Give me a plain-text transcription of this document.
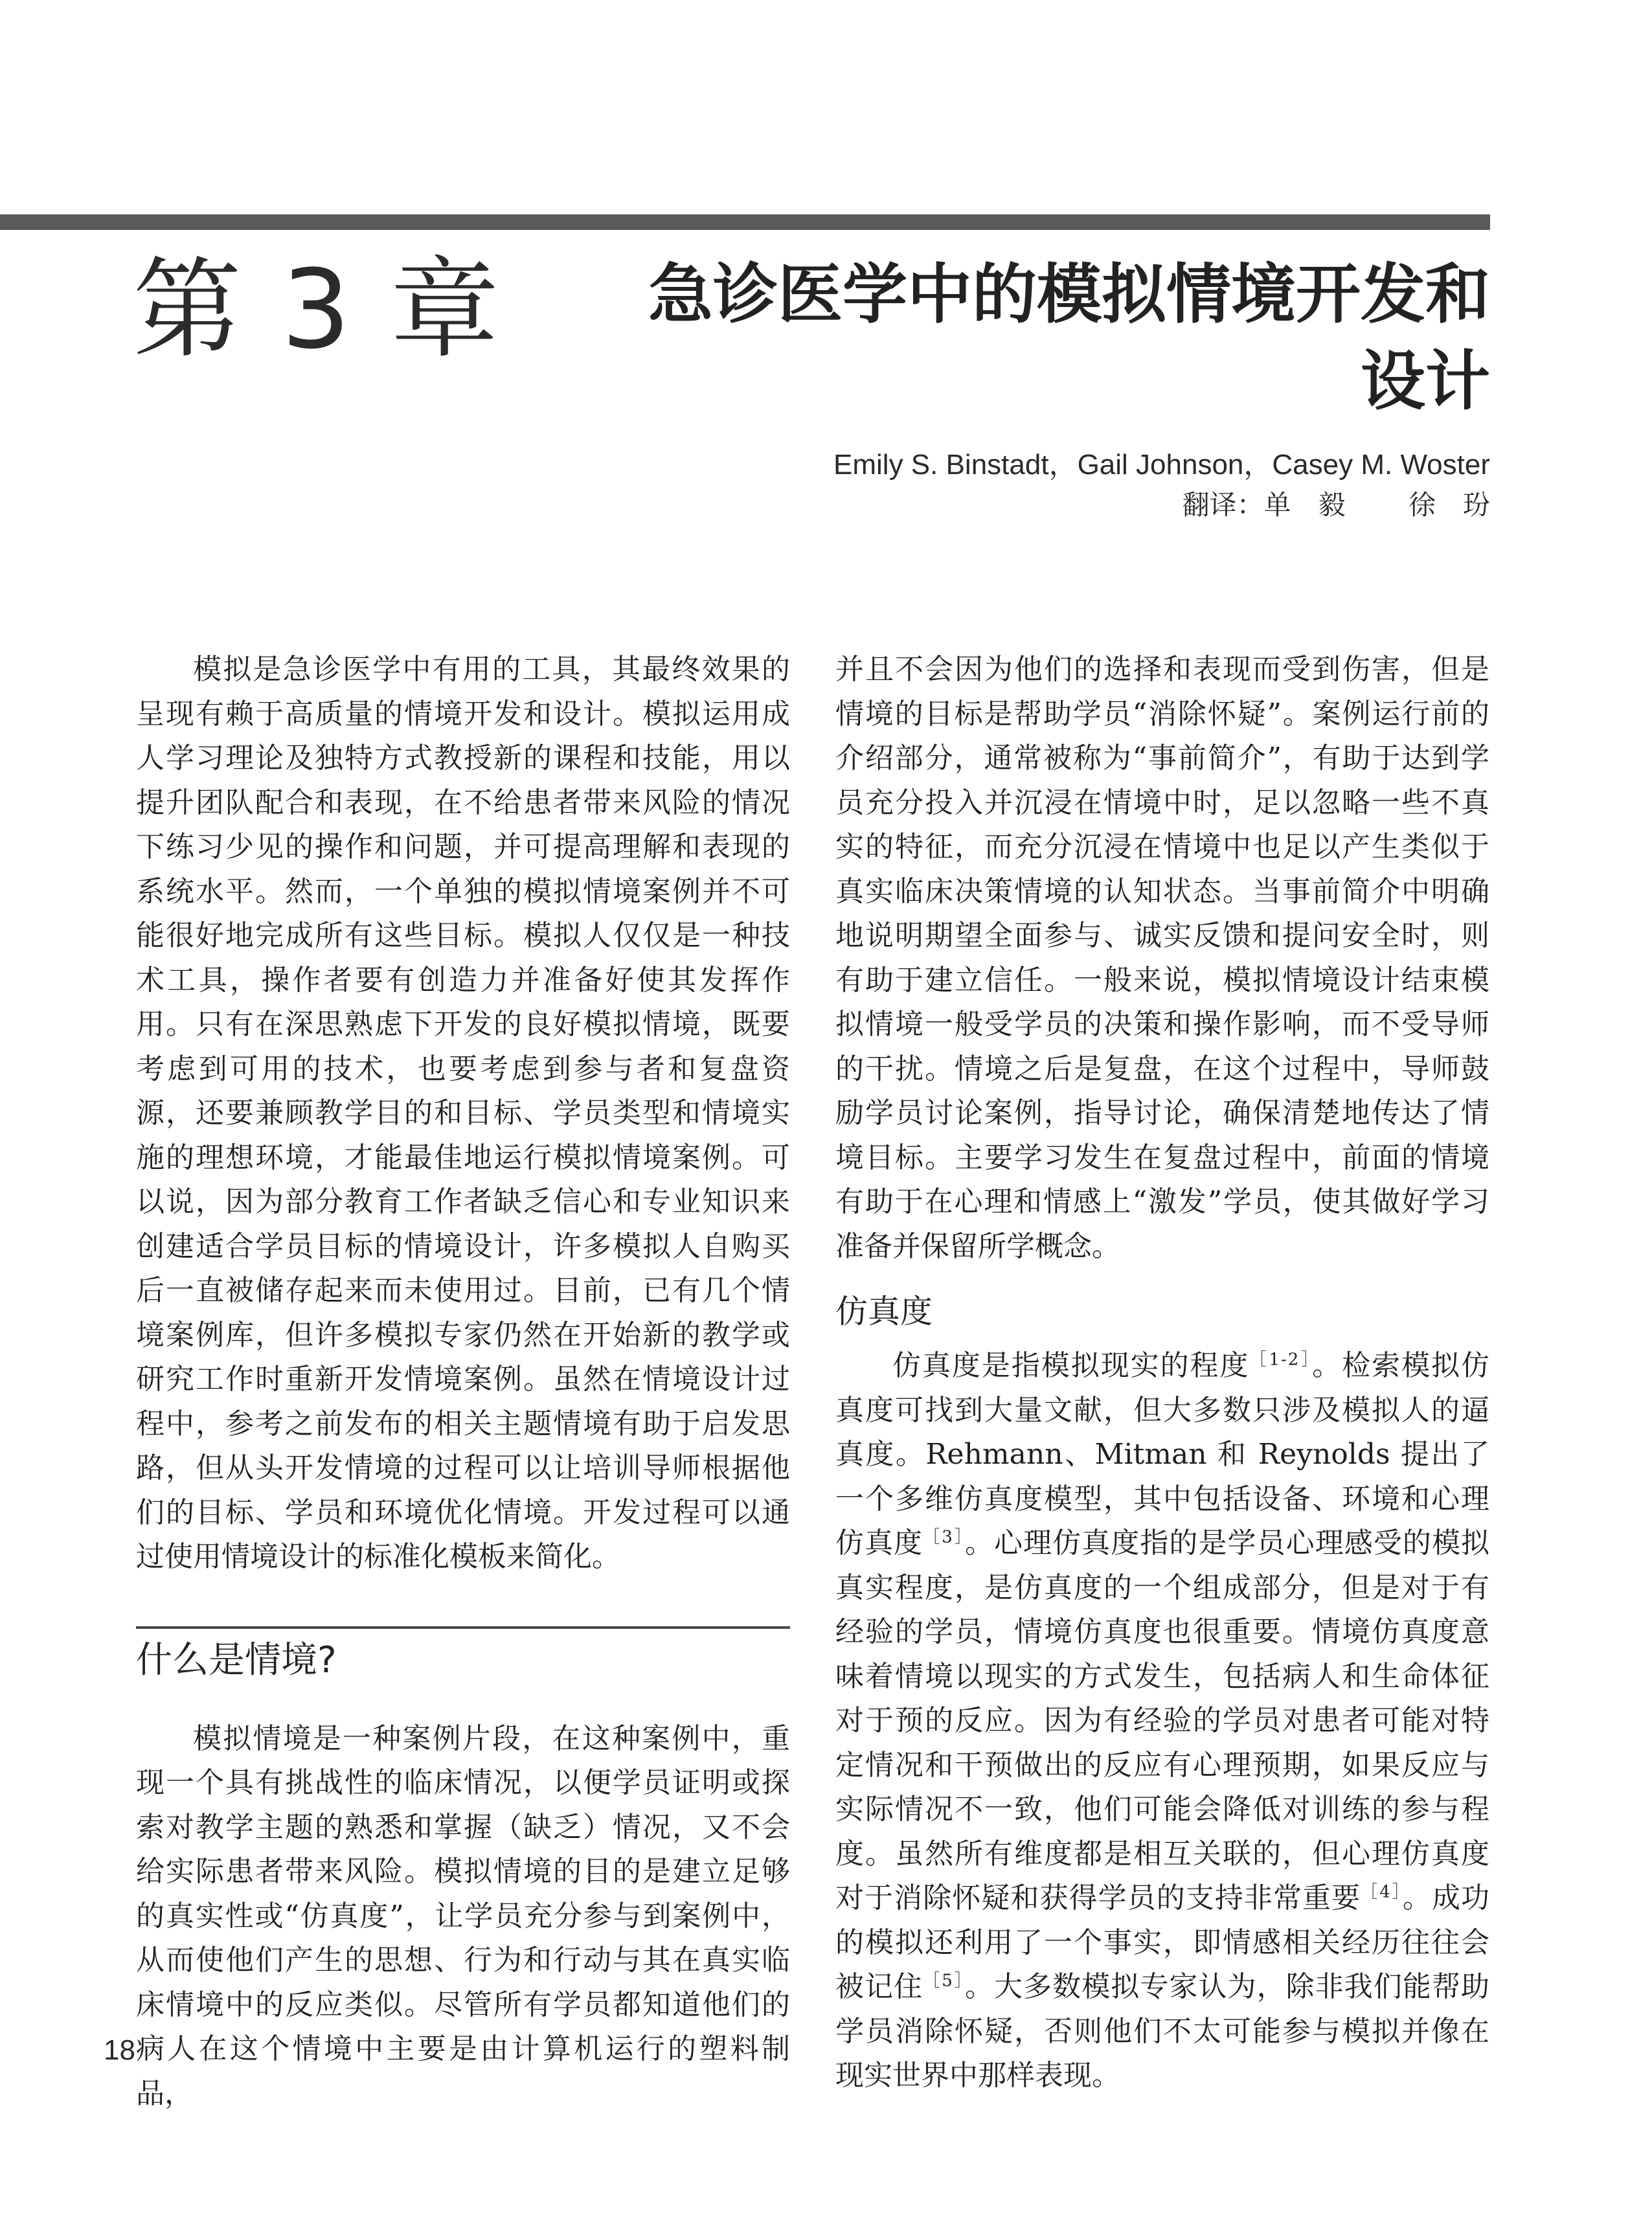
第 3 章	急诊医学中的模拟情境开发和
设计
Emily S. Binstadt，Gail Johnson，Casey M. Woster
翻译：单毅 徐玢

模拟是急诊医学中有用的工具，其最终效果的呈现有赖于高质量的情境开发和设计。模拟运用成人学习理论及独特方式教授新的课程和技能，用以提升团队配合和表现，在不给患者带来风险的情况下练习少见的操作和问题，并可提高理解和表现的系统水平。然而，一个单独的模拟情境案例并不可能很好地完成所有这些目标。模拟人仅仅是一种技术工具，操作者要有创造力并准备好使其发挥作用。只有在深思熟虑下开发的良好模拟情境，既要考虑到可用的技术，也要考虑到参与者和复盘资源，还要兼顾教学目的和目标、学员类型和情境实施的理想环境，才能最佳地运行模拟情境案例。可以说，因为部分教育工作者缺乏信心和专业知识来创建适合学员目标的情境设计，许多模拟人自购买后一直被储存起来而未使用过。目前，已有几个情境案例库，但许多模拟专家仍然在开始新的教学或研究工作时重新开发情境案例。虽然在情境设计过程中，参考之前发布的相关主题情境有助于启发思路，但从头开发情境的过程可以让培训导师根据他们的目标、学员和环境优化情境。开发过程可以通过使用情境设计的标准化模板来简化。

什么是情境?

模拟情境是一种案例片段，在这种案例中，重现一个具有挑战性的临床情况，以便学员证明或探索对教学主题的熟悉和掌握（缺乏）情况，又不会给实际患者带来风险。模拟情境的目的是建立足够的真实性或“仿真度”，让学员充分参与到案例中，从而使他们产生的思想、行为和行动与其在真实临床情境中的反应类似。尽管所有学员都知道他们的病人在这个情境中主要是由计算机运行的塑料制品，

并且不会因为他们的选择和表现而受到伤害，但是情境的目标是帮助学员“消除怀疑”。案例运行前的介绍部分，通常被称为“事前简介”，有助于达到学员充分投入并沉浸在情境中时，足以忽略一些不真实的特征，而充分沉浸在情境中也足以产生类似于真实临床决策情境的认知状态。当事前简介中明确地说明期望全面参与、诚实反馈和提问安全时，则有助于建立信任。一般来说，模拟情境设计结束模拟情境一般受学员的决策和操作影响，而不受导师的干扰。情境之后是复盘，在这个过程中，导师鼓励学员讨论案例，指导讨论，确保清楚地传达了情境目标。主要学习发生在复盘过程中，前面的情境有助于在心理和情感上“激发”学员，使其做好学习准备并保留所学概念。

仿真度

仿真度是指模拟现实的程度$^{[1-2]}$。检索模拟仿真度可找到大量文献，但大多数只涉及模拟人的逼真度。Rehmann、Mitman 和 Reynolds 提出了一个多维仿真度模型，其中包括设备、环境和心理仿真度$^{[3]}$。心理仿真度指的是学员心理感受的模拟真实程度，是仿真度的一个组成部分，但是对于有经验的学员，情境仿真度也很重要。情境仿真度意味着情境以现实的方式发生，包括病人和生命体征对于预的反应。因为有经验的学员对患者可能对特定情况和干预做出的反应有心理预期，如果反应与实际情况不一致，他们可能会降低对训练的参与程度。虽然所有维度都是相互关联的，但心理仿真度对于消除怀疑和获得学员的支持非常重要$^{[4]}$。成功的模拟还利用了一个事实，即情感相关经历往往会被记住$^{[5]}$。大多数模拟专家认为，除非我们能帮助学员消除怀疑，否则他们不太可能参与模拟并像在现实世界中那样表现。

18
